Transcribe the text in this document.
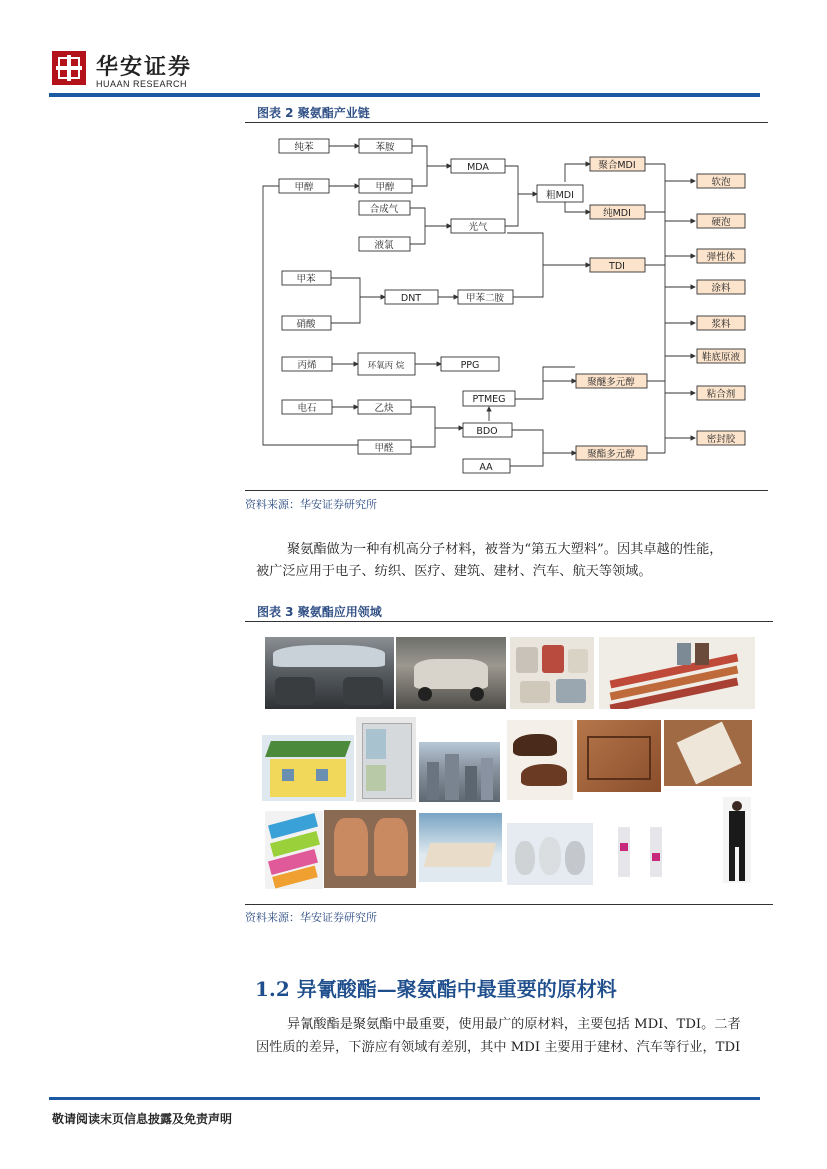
华安证券
HUAAN RESEARCH
图表 2 聚氨酯产业链
纯苯	苯胺
甲醇	甲醇
合成气
液氯
MDA
光气
粗MDI
聚合MDI
纯MDI
TDI
甲苯
硝酸
DNT	甲苯二胺
丙烯	环氧丙 烷	PPG
电石	乙炔
甲醛
PTMEG
BDO
AA
聚醚多元醇
聚酯多元醇
软泡
硬泡
弹性体
涂料
浆料
鞋底原液
粘合剂
密封胶
资料来源：华安证券研究所
聚氨酯做为一种有机高分子材料，被誉为“第五大塑料”。因其卓越的性能，
被广泛应用于电子、纺织、医疗、建筑、建材、汽车、航天等领域。
图表 3 聚氨酯应用领域
资料来源：华安证券研究所
1.2 异氰酸酯—聚氨酯中最重要的原材料
异氰酸酯是聚氨酯中最重要，使用最广的原材料，主要包括 MDI、TDI。二者
因性质的差异，下游应有领域有差别，其中 MDI 主要用于建材、汽车等行业，TDI
敬请阅读末页信息披露及免责声明
